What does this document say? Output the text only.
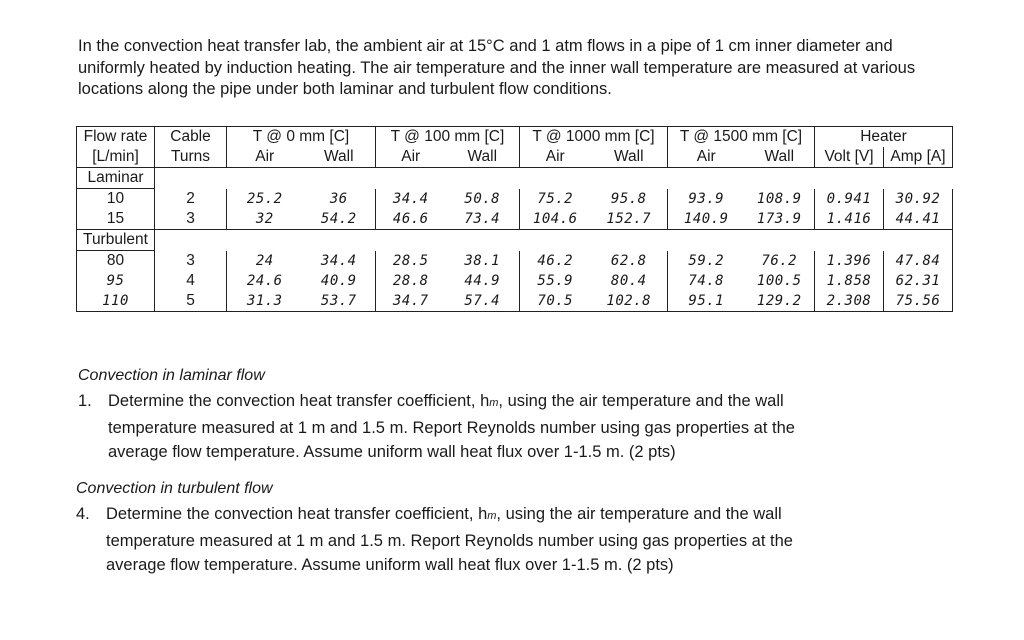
In the convection heat transfer lab, the ambient air at 15°C and 1 atm flows in a pipe of 1 cm inner diameter and uniformly heated by induction heating. The air temperature and the inner wall temperature are measured at various locations along the pipe under both laminar and turbulent flow conditions.

Flow rate	Cable	T @ 0 mm [C]		T @ 100 mm [C]		T @ 1000 mm [C]		T @ 1500 mm [C]		Heater	
[L/min]	Turns	Air	Wall	Air	Wall	Air	Wall	Air	Wall	Volt [V]	Amp [A]
Laminar											
10	2	25.2	36	34.4	50.8	75.2	95.8	93.9	108.9	0.941	30.92
15	3	32	54.2	46.6	73.4	104.6	152.7	140.9	173.9	1.416	44.41
Turbulent											
80	3	24	34.4	28.5	38.1	46.2	62.8	59.2	76.2	1.396	47.84
95	4	24.6	40.9	28.8	44.9	55.9	80.4	74.8	100.5	1.858	62.31
110	5	31.3	53.7	34.7	57.4	70.5	102.8	95.1	129.2	2.308	75.56

Convection in laminar flow

1. Determine the convection heat transfer coefficient, hm, using the air temperature and the wall
temperature measured at 1 m and 1.5 m. Report Reynolds number using gas properties at the
average flow temperature. Assume uniform wall heat flux over 1-1.5 m. (2 pts)

Convection in turbulent flow

4. Determine the convection heat transfer coefficient, hm, using the air temperature and the wall
temperature measured at 1 m and 1.5 m. Report Reynolds number using gas properties at the
average flow temperature. Assume uniform wall heat flux over 1-1.5 m. (2 pts)
